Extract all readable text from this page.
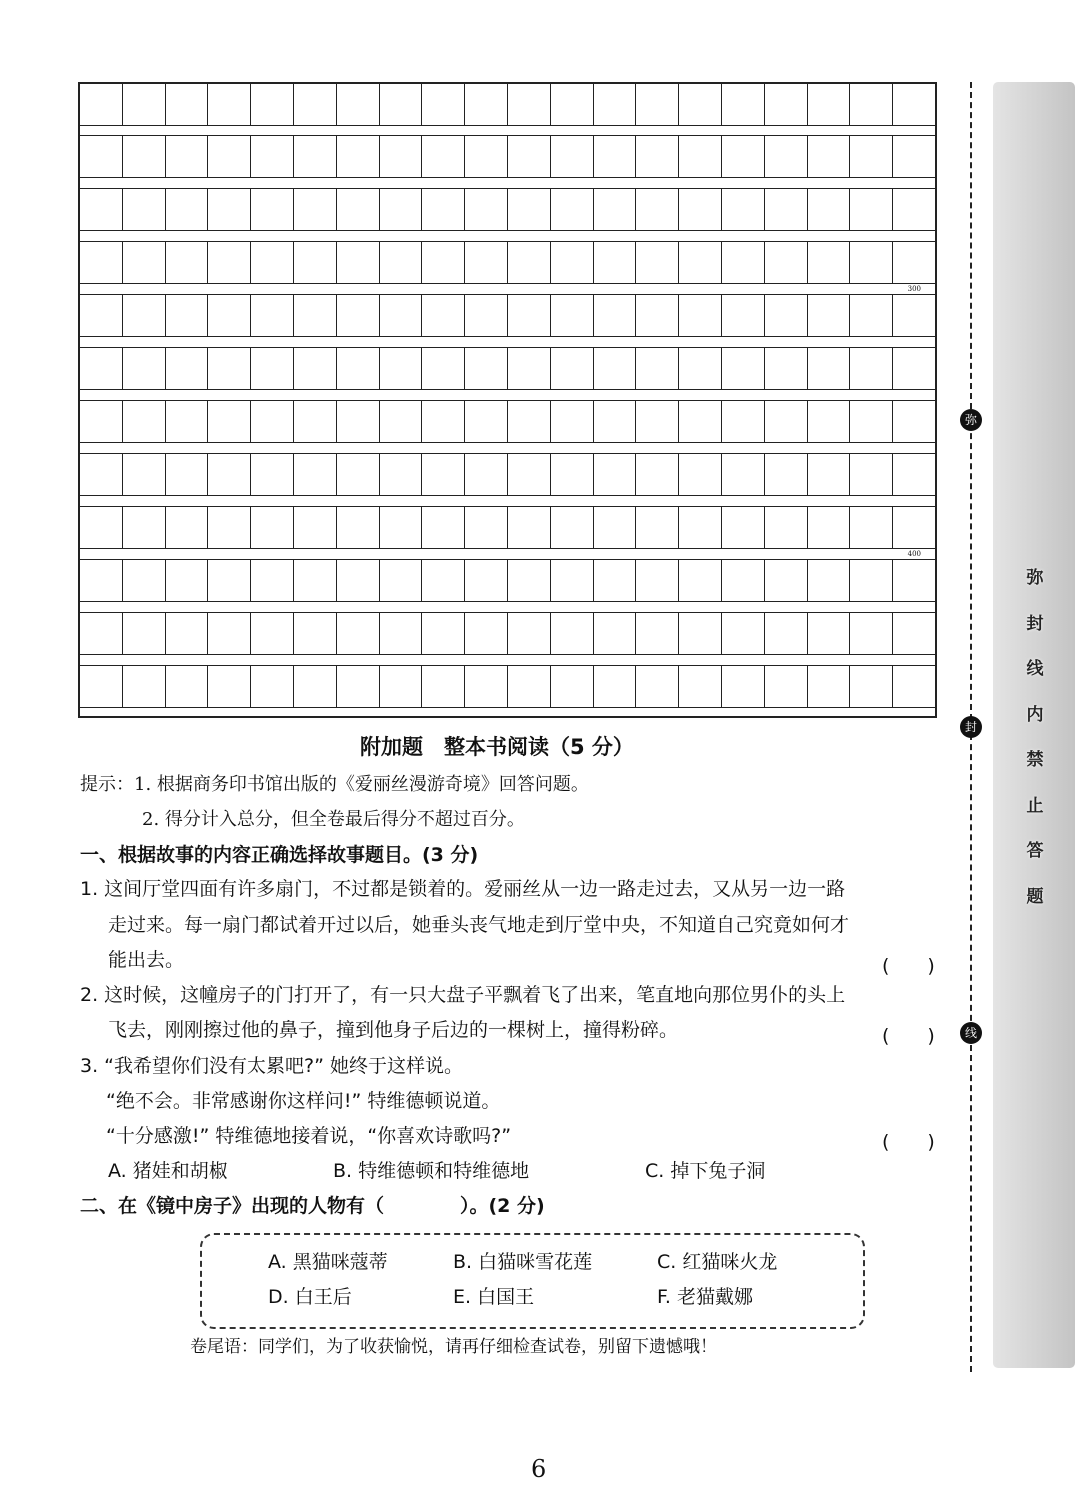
300
400
附加题　整本书阅读（5 分）
提示：1. 根据商务印书馆出版的《爱丽丝漫游奇境》回答问题。
2. 得分计入总分，但全卷最后得分不超过百分。
一、根据故事的内容正确选择故事题目。(3 分)
1. 这间厅堂四面有许多扇门，不过都是锁着的。爱丽丝从一边一路走过去，又从另一边一路
走过来。每一扇门都试着开过以后，她垂头丧气地走到厅堂中央，不知道自己究竟如何才
能出去。	(　　)
2. 这时候，这幢房子的门打开了，有一只大盘子平飘着飞了出来，笔直地向那位男仆的头上
飞去，刚刚擦过他的鼻子，撞到他身子后边的一棵树上，撞得粉碎。	(　　)
3. “我希望你们没有太累吧?” 她终于这样说。
“绝不会。非常感谢你这样问!” 特维德顿说道。
“十分感激!” 特维德地接着说，“你喜欢诗歌吗?”	(　　)
A. 猪娃和胡椒	B. 特维德顿和特维德地	C. 掉下兔子洞
二、在《镜中房子》出现的人物有（　　　　）。(2 分)
A. 黑猫咪蔻蒂	B. 白猫咪雪花莲	C. 红猫咪火龙
D. 白王后	E. 白国王	F. 老猫戴娜
卷尾语：同学们，为了收获愉悦，请再仔细检查试卷，别留下遗憾哦！
弥
封
线
弥封线内禁止答题
6
